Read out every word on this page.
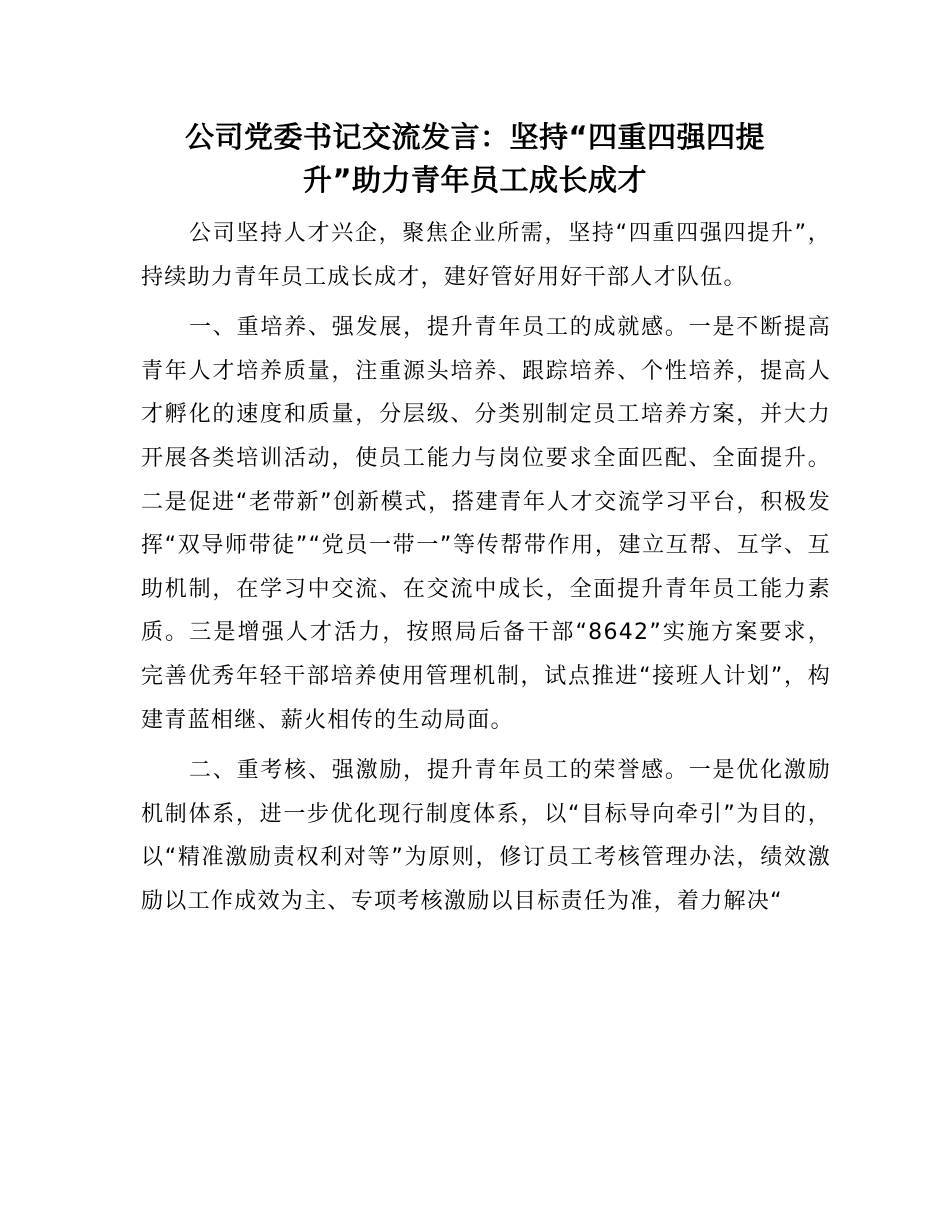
公司党委书记交流发言：坚持“四重四强四提
升”助力青年员工成长成才

公司坚持人才兴企，聚焦企业所需，坚持“四重四强四提升”，持续助力青年员工成长成才，建好管好用好干部人才队伍。

一、重培养、强发展，提升青年员工的成就感。一是不断提高青年人才培养质量，注重源头培养、跟踪培养、个性培养，提高人才孵化的速度和质量，分层级、分类别制定员工培养方案，并大力开展各类培训活动，使员工能力与岗位要求全面匹配、全面提升。二是促进“老带新”创新模式，搭建青年人才交流学习平台，积极发挥“双导师带徒”“党员一带一”等传帮带作用，建立互帮、互学、互助机制，在学习中交流、在交流中成长，全面提升青年员工能力素质。三是增强人才活力，按照局后备干部“8642”实施方案要求，完善优秀年轻干部培养使用管理机制，试点推进“接班人计划”，构建青蓝相继、薪火相传的生动局面。

二、重考核、强激励，提升青年员工的荣誉感。一是优化激励机制体系，进一步优化现行制度体系，以“目标导向牵引”为目的，以“精准激励责权利对等”为原则，修订员工考核管理办法，绩效激励以工作成效为主、专项考核激励以目标责任为准，着力解决“
